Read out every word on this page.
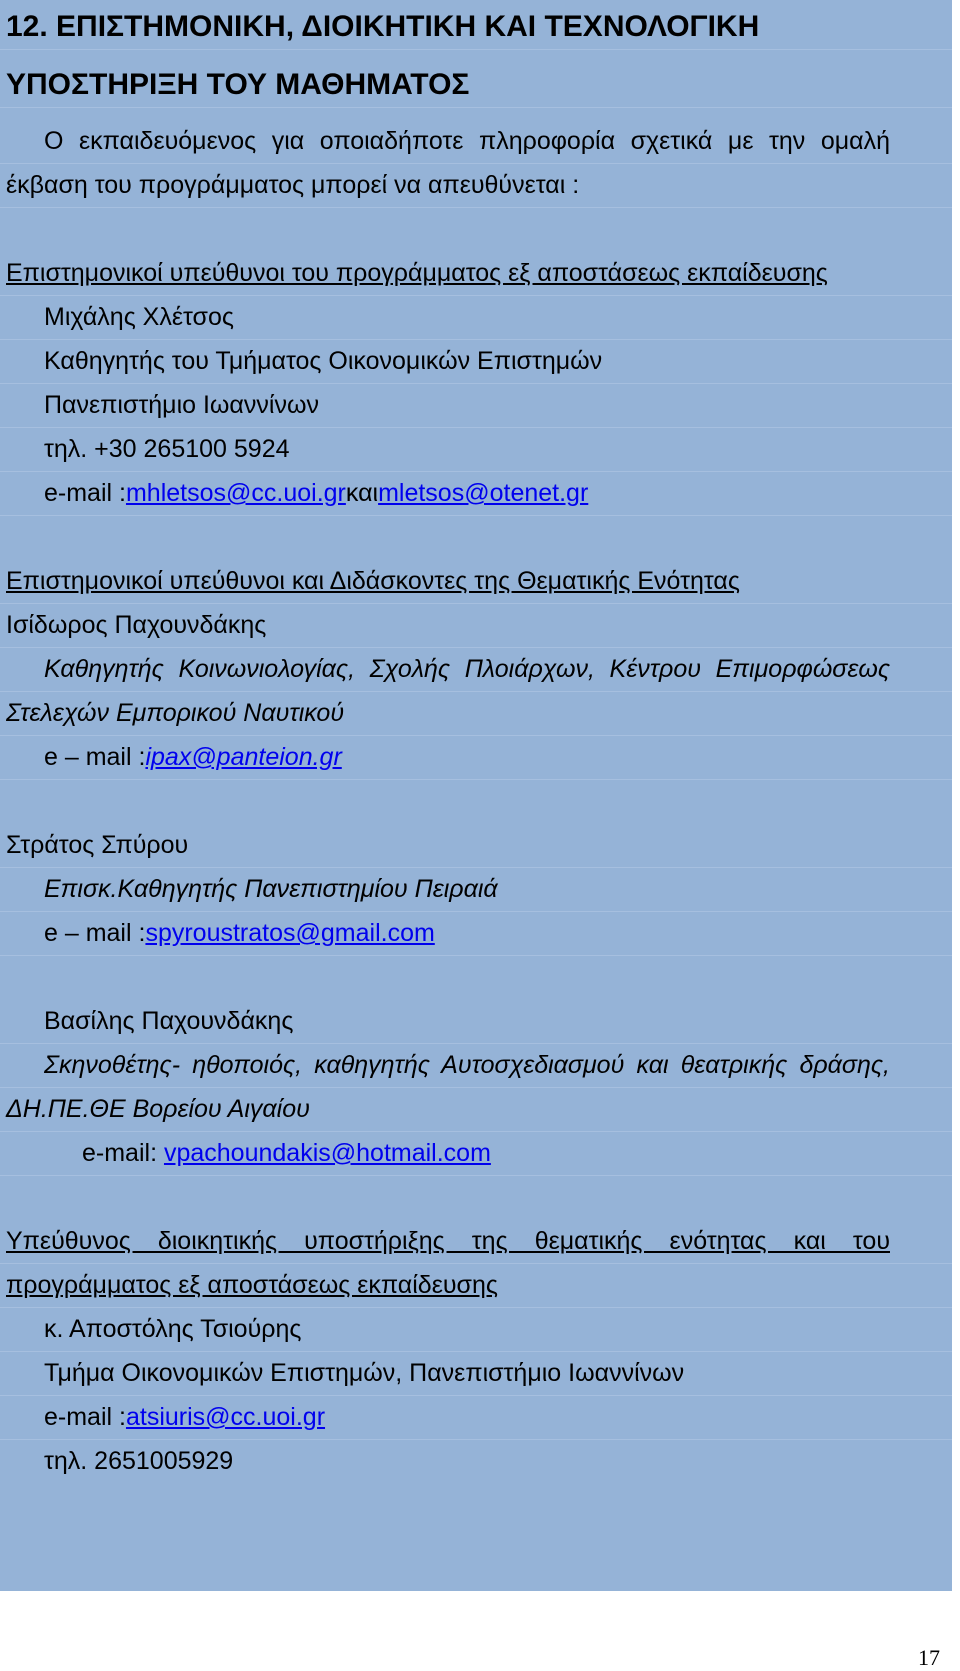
12. ΕΠΙΣΤΗΜΟΝΙΚΗ, ΔΙΟΙΚΗΤΙΚΗ ΚΑΙ ΤΕΧΝΟΛΟΓΙΚΗ
ΥΠΟΣΤΗΡΙΞΗ ΤΟΥ ΜΑΘΗΜΑΤΟΣ
Ο εκπαιδευόμενος για οποιαδήποτε πληροφορία σχετικά με την ομαλή
έκβαση του προγράμματος μπορεί να απευθύνεται :
Επιστημονικοί υπεύθυνοι του προγράμματος εξ αποστάσεως εκπαίδευσης
Μιχάλης Χλέτσος
Καθηγητής του Τμήματος Οικονομικών Επιστημών
Πανεπιστήμιο Ιωαννίνων
τηλ. +30 265100 5924
e-mail :mhletsos@cc.uoi.grκαιmletsos@otenet.gr
Επιστημονικοί υπεύθυνοι και Διδάσκοντες της Θεματικής Ενότητας
Ισίδωρος Παχουνδάκης
Καθηγητής Κοινωνιολογίας, Σχολής Πλοιάρχων, Κέντρου Επιμορφώσεως
Στελεχών Εμπορικού Ναυτικού
e – mail :ipax@panteion.gr
Στράτος Σπύρου
Επισκ.Καθηγητής Πανεπιστημίου Πειραιά
e – mail :spyroustratos@gmail.com
Βασίλης Παχουνδάκης
Σκηνοθέτης- ηθοποιός, καθηγητής Αυτοσχεδιασμού και θεατρικής δράσης,
ΔΗ.ΠΕ.ΘΕ Βορείου Αιγαίου
e-mail: vpachoundakis@hotmail.com
Υπεύθυνος διοικητικής υποστήριξης της θεματικής ενότητας και του
προγράμματος εξ αποστάσεως εκπαίδευσης
κ. Αποστόλης Τσιούρης
Τμήμα Οικονομικών Επιστημών, Πανεπιστήμιο Ιωαννίνων
e-mail :atsiuris@cc.uoi.gr
τηλ. 2651005929
17
